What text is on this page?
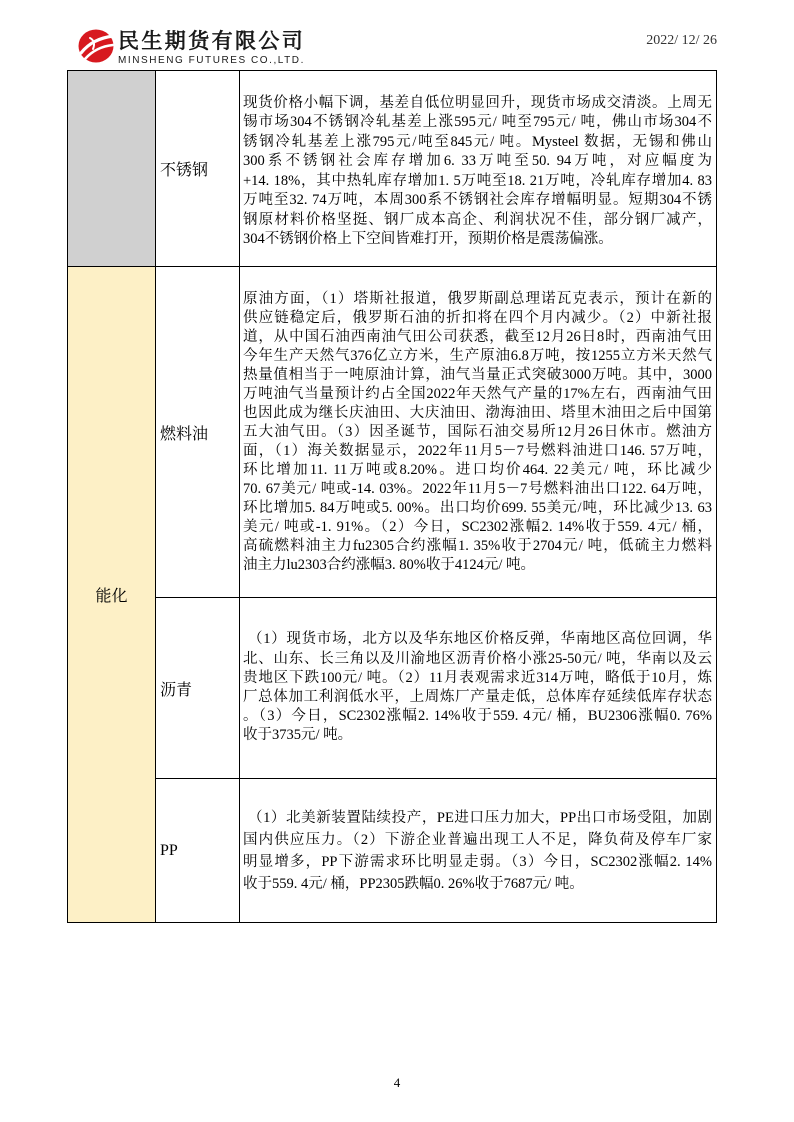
民生期货有限公司
MINSHENG FUTURES CO.,LTD.
2022/ 12/ 26
能化
不锈钢
现货价格小幅下调，基差自低位明显回升，现货市场成交清淡。上周无
锡市场304不锈钢冷轧基差上涨595元/ 吨至795元/ 吨，佛山市场304不
锈钢冷轧基差上涨795元/吨至845元/ 吨。Mysteel 数据，无锡和佛山
300系不锈钢社会库存增加6. 33万吨至50. 94万吨，对应幅度为
+14. 18%，其中热轧库存增加1. 5万吨至18. 21万吨，冷轧库存增加4. 83
万吨至32. 74万吨，本周300系不锈钢社会库存增幅明显。短期304不锈
钢原材料价格坚挺、钢厂成本高企、利润状况不佳，部分钢厂减产，
304不锈钢价格上下空间皆难打开，预期价格是震荡偏涨。
燃料油
原油方面，（1）塔斯社报道，俄罗斯副总理诺瓦克表示，预计在新的
供应链稳定后，俄罗斯石油的折扣将在四个月内减少。（2）中新社报
道，从中国石油西南油气田公司获悉，截至12月26日8时，西南油气田
今年生产天然气376亿立方米，生产原油6.8万吨，按1255立方米天然气
热量值相当于一吨原油计算，油气当量正式突破3000万吨。其中，3000
万吨油气当量预计约占全国2022年天然气产量的17%左右，西南油气田
也因此成为继长庆油田、大庆油田、渤海油田、塔里木油田之后中国第
五大油气田。（3）因圣诞节，国际石油交易所12月26日休市。燃油方
面，（1）海关数据显示，2022年11月5－7号燃料油进口146. 57万吨，
环比增加11. 11万吨或8.20%。进口均价464. 22美元/ 吨，环比减少
70. 67美元/ 吨或-14. 03%。2022年11月5－7号燃料油出口122. 64万吨，
环比增加5. 84万吨或5. 00%。出口均价699. 55美元/吨，环比减少13. 63
美元/ 吨或-1. 91%。（2）今日，SC2302涨幅2. 14%收于559. 4元/ 桶，
高硫燃料油主力fu2305合约涨幅1. 35%收于2704元/ 吨，低硫主力燃料
油主力lu2303合约涨幅3. 80%收于4124元/ 吨。
沥青
（1）现货市场，北方以及华东地区价格反弹，华南地区高位回调，华
北、山东、长三角以及川渝地区沥青价格小涨25-50元/ 吨，华南以及云
贵地区下跌100元/ 吨。（2）11月表观需求近314万吨，略低于10月，炼
厂总体加工利润低水平，上周炼厂产量走低，总体库存延续低库存状态
。（3）今日，SC2302涨幅2. 14%收于559. 4元/ 桶，BU2306涨幅0. 76%
收于3735元/ 吨。
PP
（1）北美新装置陆续投产，PE进口压力加大，PP出口市场受阻，加剧
国内供应压力。（2）下游企业普遍出现工人不足，降负荷及停车厂家
明显增多，PP下游需求环比明显走弱。（3）今日，SC2302涨幅2. 14%
收于559. 4元/ 桶，PP2305跌幅0. 26%收于7687元/ 吨。
4
